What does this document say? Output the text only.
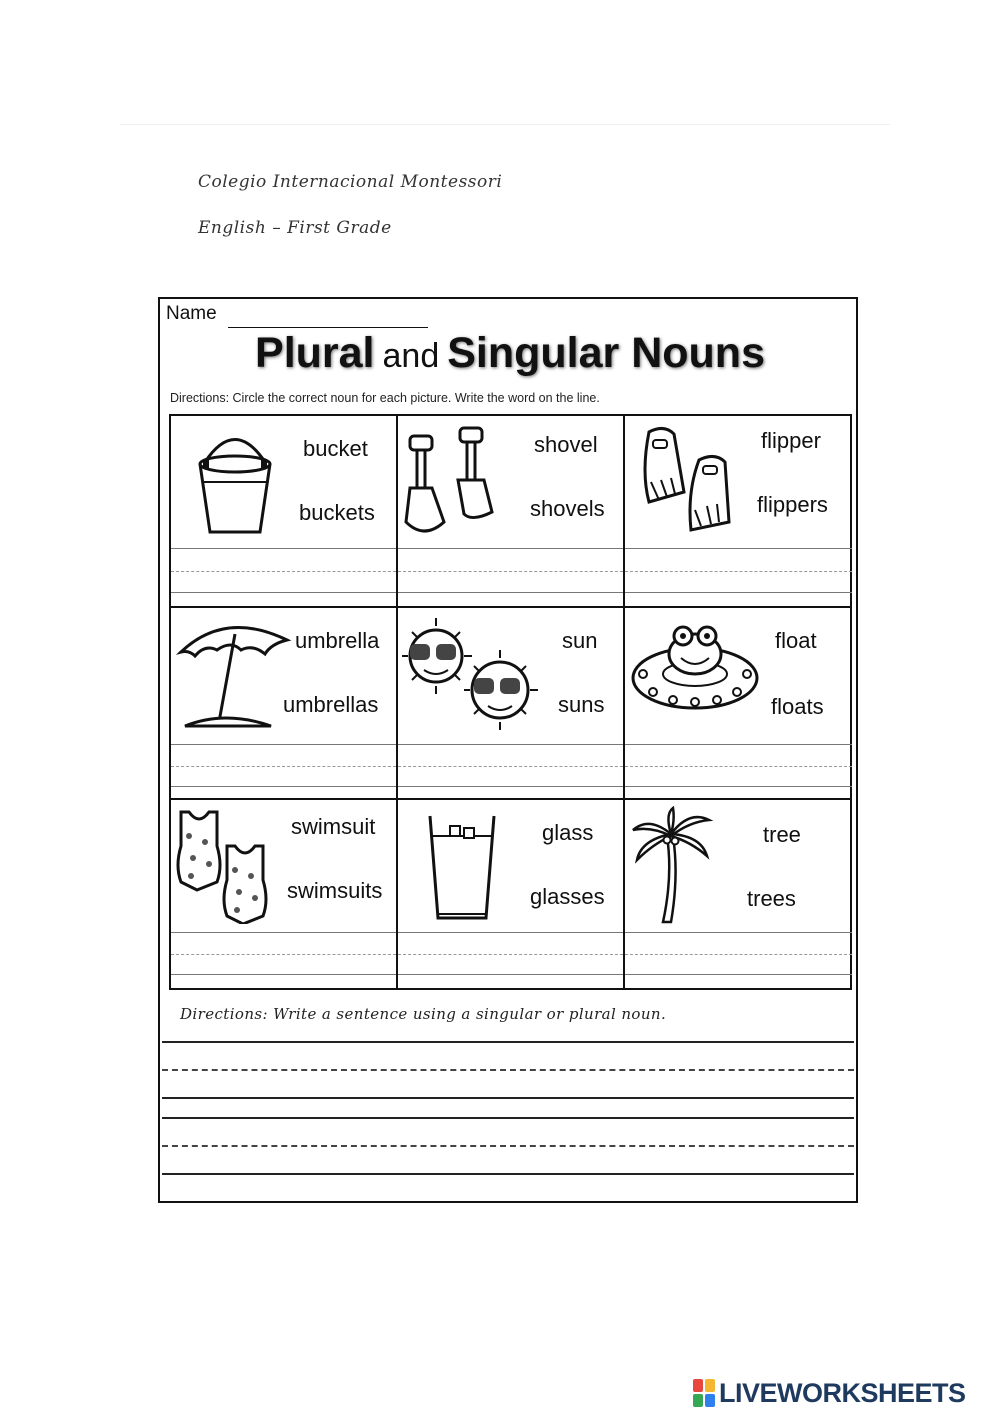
Colegio Internacional Montessori
English – First Grade
Name
Plural and Singular Nouns
Directions: Circle the correct noun for each picture. Write the word on the line.
bucket
buckets
shovel
shovels
flipper
flippers
umbrella
umbrellas
sun
suns
float
floats
swimsuit
swimsuits
glass
glasses
tree
trees
Directions: Write a sentence using a singular or plural noun.
LIVEWORKSHEETS
